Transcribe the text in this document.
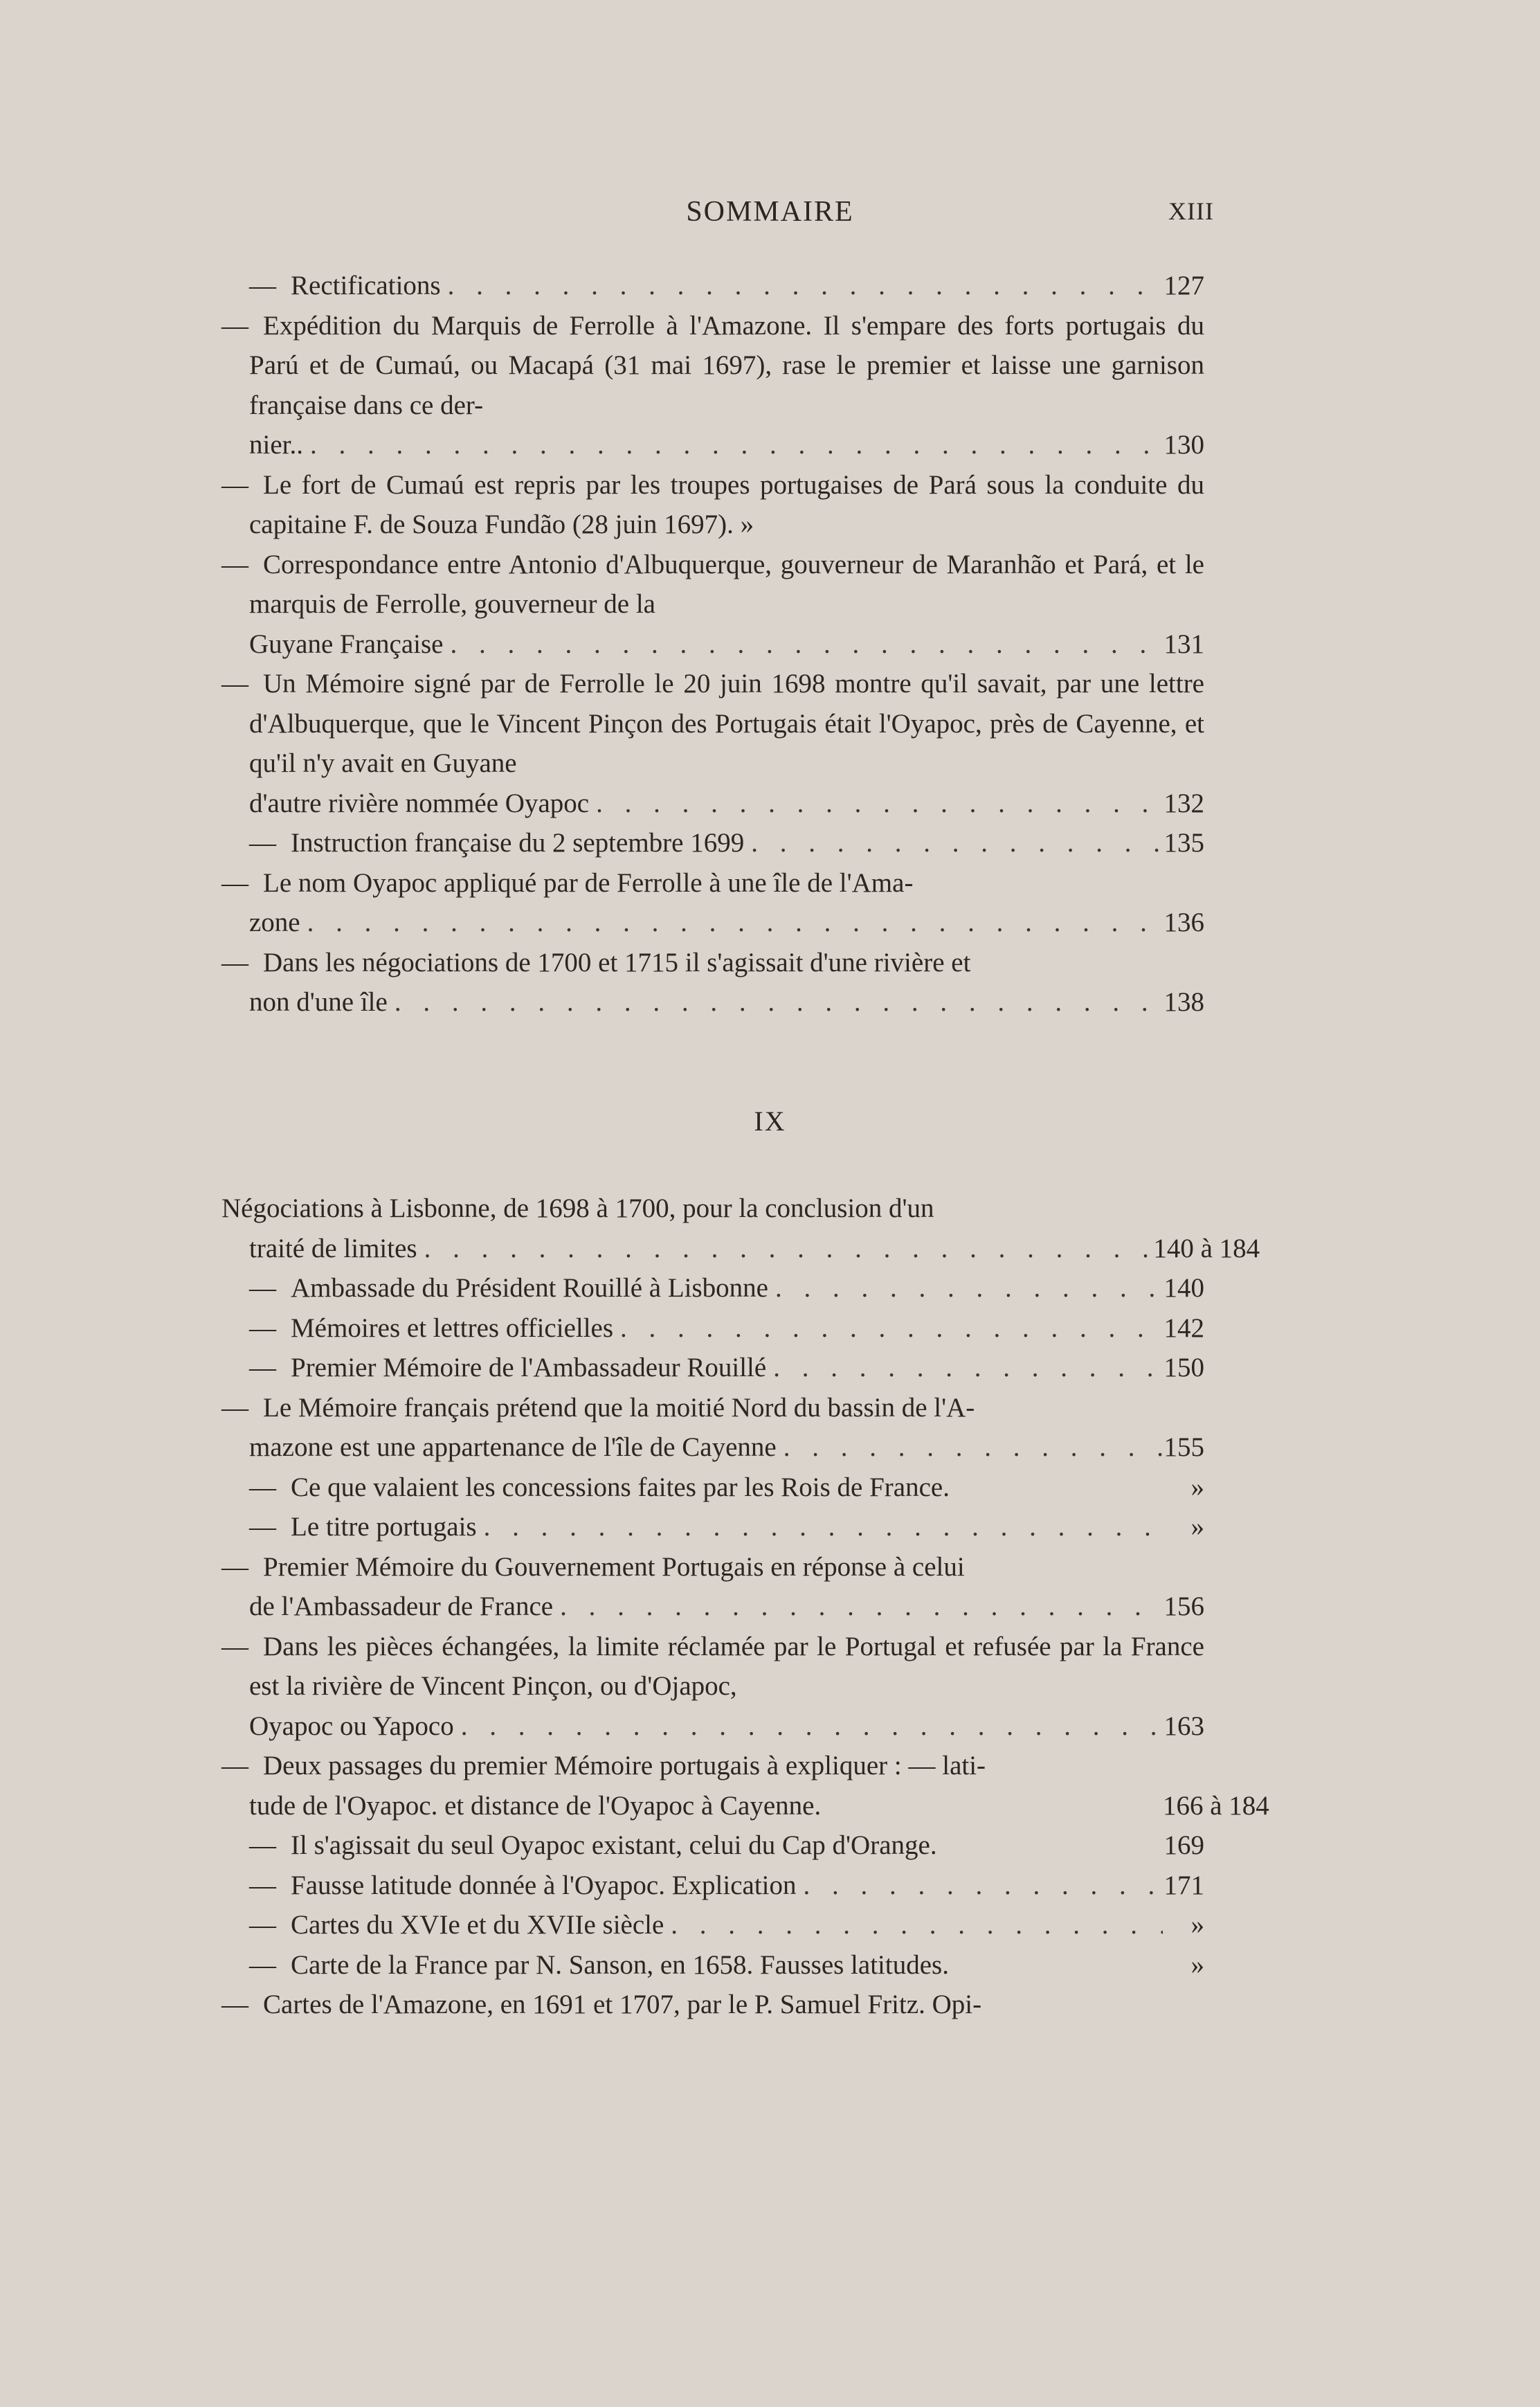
SOMMAIRE	XIII
— Rectifications . . .	127
— Expédition du Marquis de Ferrolle à l'Amazone. Il s'empare des forts portugais du Parú et de Cumaú, ou Macapá (31 mai 1697), rase le premier et laisse une garnison française dans ce der-
nier.. . . .	130
— Le fort de Cumaú est repris par les troupes portugaises de Pará sous la conduite du capitaine F. de Souza Fundão (28 juin 1697). »
— Correspondance entre Antonio d'Albuquerque, gouverneur de Maranhão et Pará, et le marquis de Ferrolle, gouverneur de la
Guyane Française . . .	131
— Un Mémoire signé par de Ferrolle le 20 juin 1698 montre qu'il savait, par une lettre d'Albuquerque, que le Vincent Pinçon des Portugais était l'Oyapoc, près de Cayenne, et qu'il n'y avait en Guyane
d'autre rivière nommée Oyapoc . . .	132
— Instruction française du 2 septembre 1699 . . .	135
— Le nom Oyapoc appliqué par de Ferrolle à une île de l'Ama-
zone . . .	136
— Dans les négociations de 1700 et 1715 il s'agissait d'une rivière et
non d'une île . . .	138
IX
Négociations à Lisbonne, de 1698 à 1700, pour la conclusion d'un
traité de limites . . .	140 à 184
— Ambassade du Président Rouillé à Lisbonne . . .	140
— Mémoires et lettres officielles . . .	142
— Premier Mémoire de l'Ambassadeur Rouillé . . .	150
— Le Mémoire français prétend que la moitié Nord du bassin de l'A-
mazone est une appartenance de l'île de Cayenne . . .	155
— Ce que valaient les concessions faites par les Rois de France.	»
— Le titre portugais . . .	»
— Premier Mémoire du Gouvernement Portugais en réponse à celui
de l'Ambassadeur de France . . .	156
— Dans les pièces échangées, la limite réclamée par le Portugal et refusée par la France est la rivière de Vincent Pinçon, ou d'Ojapoc,
Oyapoc ou Yapoco . . .	163
— Deux passages du premier Mémoire portugais à expliquer : — lati-
tude de l'Oyapoc. et distance de l'Oyapoc à Cayenne.	166 à 184
— Il s'agissait du seul Oyapoc existant, celui du Cap d'Orange.	169
— Fausse latitude donnée à l'Oyapoc. Explication . . .	171
— Cartes du XVIe et du XVIIe siècle . . .	»
— Carte de la France par N. Sanson, en 1658. Fausses latitudes.	»
— Cartes de l'Amazone, en 1691 et 1707, par le P. Samuel Fritz. Opi-
